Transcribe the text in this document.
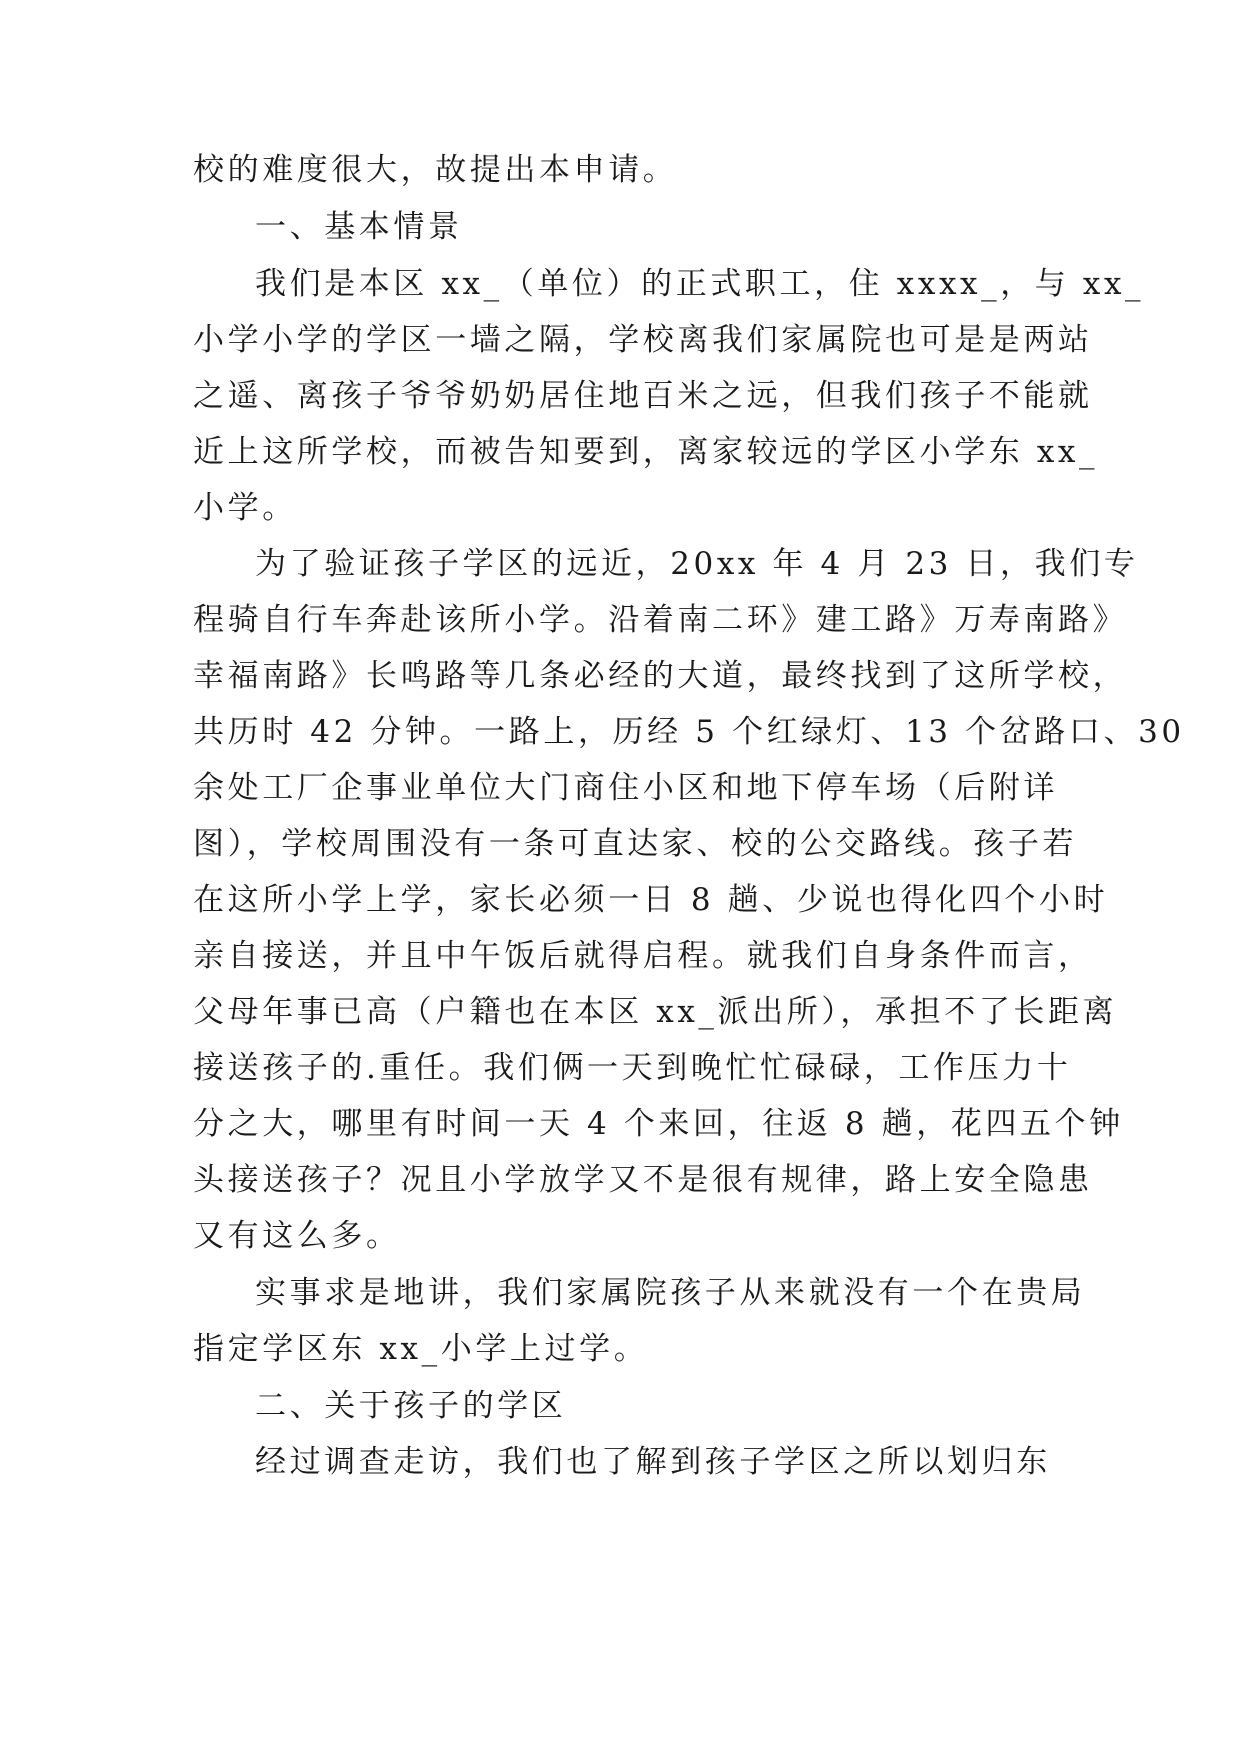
校的难度很大，故提出本申请。
一、基本情景
我们是本区 xx_（单位）的正式职工，住 xxxx_，与 xx_
小学小学的学区一墙之隔，学校离我们家属院也可是是两站
之遥、离孩子爷爷奶奶居住地百米之远，但我们孩子不能就
近上这所学校，而被告知要到，离家较远的学区小学东 xx_
小学。
为了验证孩子学区的远近，20xx 年 4 月 23 日，我们专
程骑自行车奔赴该所小学。沿着南二环》建工路》万寿南路》
幸福南路》长鸣路等几条必经的大道，最终找到了这所学校，
共历时 42 分钟。一路上，历经 5 个红绿灯、13 个岔路口、30
余处工厂企事业单位大门商住小区和地下停车场（后附详
图），学校周围没有一条可直达家、校的公交路线。孩子若
在这所小学上学，家长必须一日 8 趟、少说也得化四个小时
亲自接送，并且中午饭后就得启程。就我们自身条件而言，
父母年事已高（户籍也在本区 xx_派出所），承担不了长距离
接送孩子的.重任。我们俩一天到晚忙忙碌碌，工作压力十
分之大，哪里有时间一天 4 个来回，往返 8 趟，花四五个钟
头接送孩子？况且小学放学又不是很有规律，路上安全隐患
又有这么多。
实事求是地讲，我们家属院孩子从来就没有一个在贵局
指定学区东 xx_小学上过学。
二、关于孩子的学区
经过调查走访，我们也了解到孩子学区之所以划归东
